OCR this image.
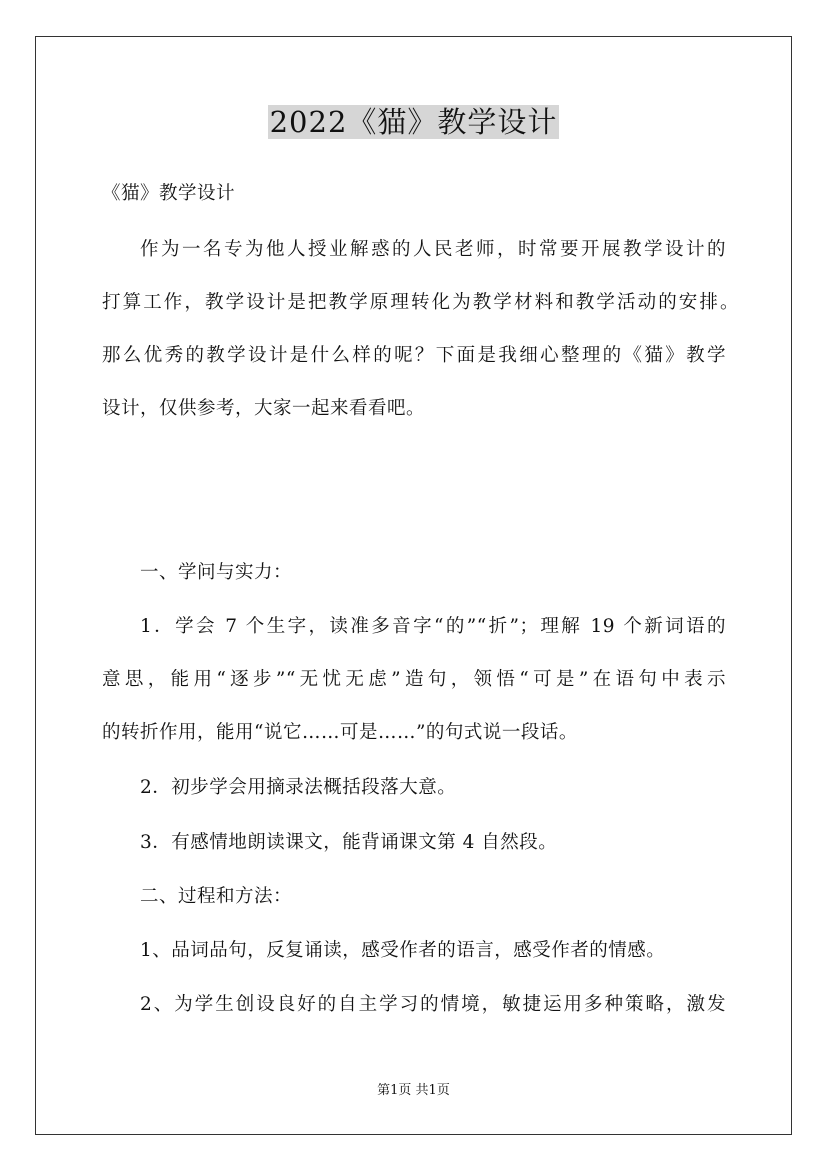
2022《猫》教学设计
《猫》教学设计
作为一名专为他人授业解惑的人民老师，时常要开展教学设计的
打算工作，教学设计是把教学原理转化为教学材料和教学活动的安排。
那么优秀的教学设计是什么样的呢？下面是我细心整理的《猫》教学
设计，仅供参考，大家一起来看看吧。
一、学问与实力：
1．学会 7 个生字，读准多音字“的”“折”；理解 19 个新词语的
意思，能用“逐步”“无忧无虑”造句，领悟“可是”在语句中表示
的转折作用，能用“说它……可是……”的句式说一段话。
2．初步学会用摘录法概括段落大意。
3．有感情地朗读课文，能背诵课文第 4 自然段。
二、过程和方法：
1、品词品句，反复诵读，感受作者的语言，感受作者的情感。
2、为学生创设良好的自主学习的情境，敏捷运用多种策略，激发
第1页 共1页
